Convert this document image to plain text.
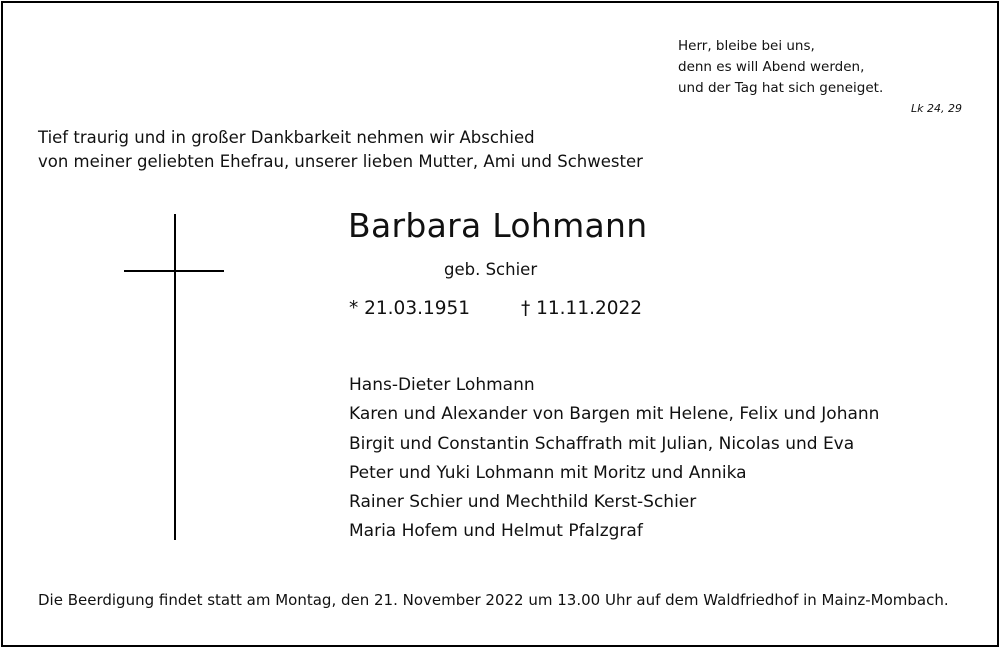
Herr, bleibe bei uns,
denn es will Abend werden,
und der Tag hat sich geneiget.
Lk 24, 29
Tief traurig und in großer Dankbarkeit nehmen wir Abschied
von meiner geliebten Ehefrau, unserer lieben Mutter, Ami und Schwester
Barbara Lohmann
geb. Schier
* 21.03.1951	† 11.11.2022
Hans-Dieter Lohmann
Karen und Alexander von Bargen mit Helene, Felix und Johann
Birgit und Constantin Schaffrath mit Julian, Nicolas und Eva
Peter und Yuki Lohmann mit Moritz und Annika
Rainer Schier und Mechthild Kerst-Schier
Maria Hofem und Helmut Pfalzgraf
Die Beerdigung findet statt am Montag, den 21. November 2022 um 13.00 Uhr auf dem Waldfriedhof in Mainz-Mombach.
